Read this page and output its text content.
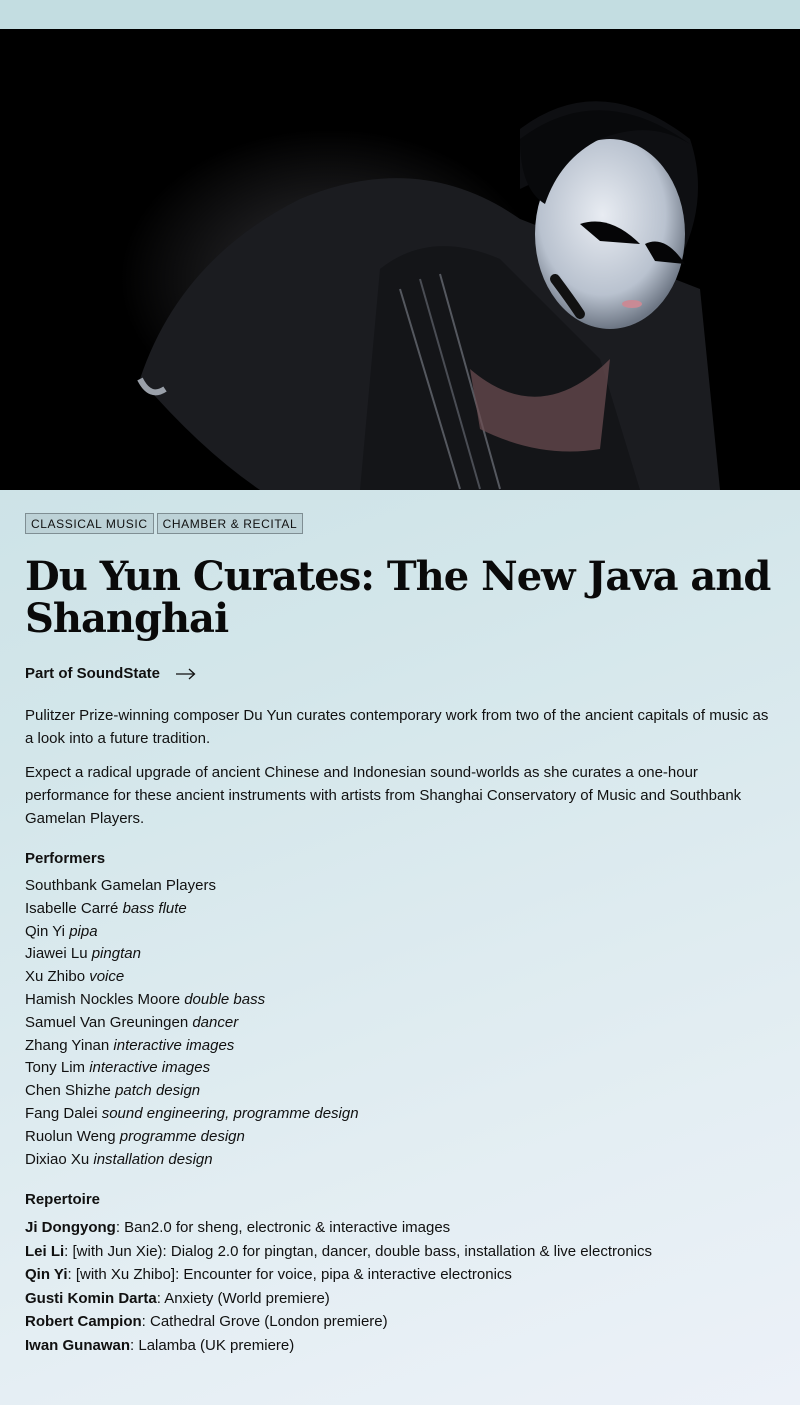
CLASSICAL MUSIC	CHAMBER & RECITAL
Du Yun Curates: The New Java and Shanghai
Part of SoundState

Pulitzer Prize-winning composer Du Yun curates contemporary work from two of the ancient capitals of music as a look into a future tradition.

Expect a radical upgrade of ancient Chinese and Indonesian sound-worlds as she curates a one-hour performance for these ancient instruments with artists from Shanghai Conservatory of Music and Southbank Gamelan Players.

Performers
Southbank Gamelan Players
Isabelle Carré bass flute
Qin Yi pipa
Jiawei Lu pingtan
Xu Zhibo voice
Hamish Nockles Moore double bass
Samuel Van Greuningen dancer
Zhang Yinan interactive images
Tony Lim interactive images
Chen Shizhe patch design
Fang Dalei sound engineering, programme design
Ruolun Weng programme design
Dixiao Xu installation design
Repertoire
Ji Dongyong: Ban2.0 for sheng, electronic & interactive images
Lei Li: [with Jun Xie): Dialog 2.0 for pingtan, dancer, double bass, installation & live electronics
Qin Yi: [with Xu Zhibo]: Encounter for voice, pipa & interactive electronics
Gusti Komin Darta: Anxiety (World premiere)
Robert Campion: Cathedral Grove (London premiere)
Iwan Gunawan: Lalamba (UK premiere)
